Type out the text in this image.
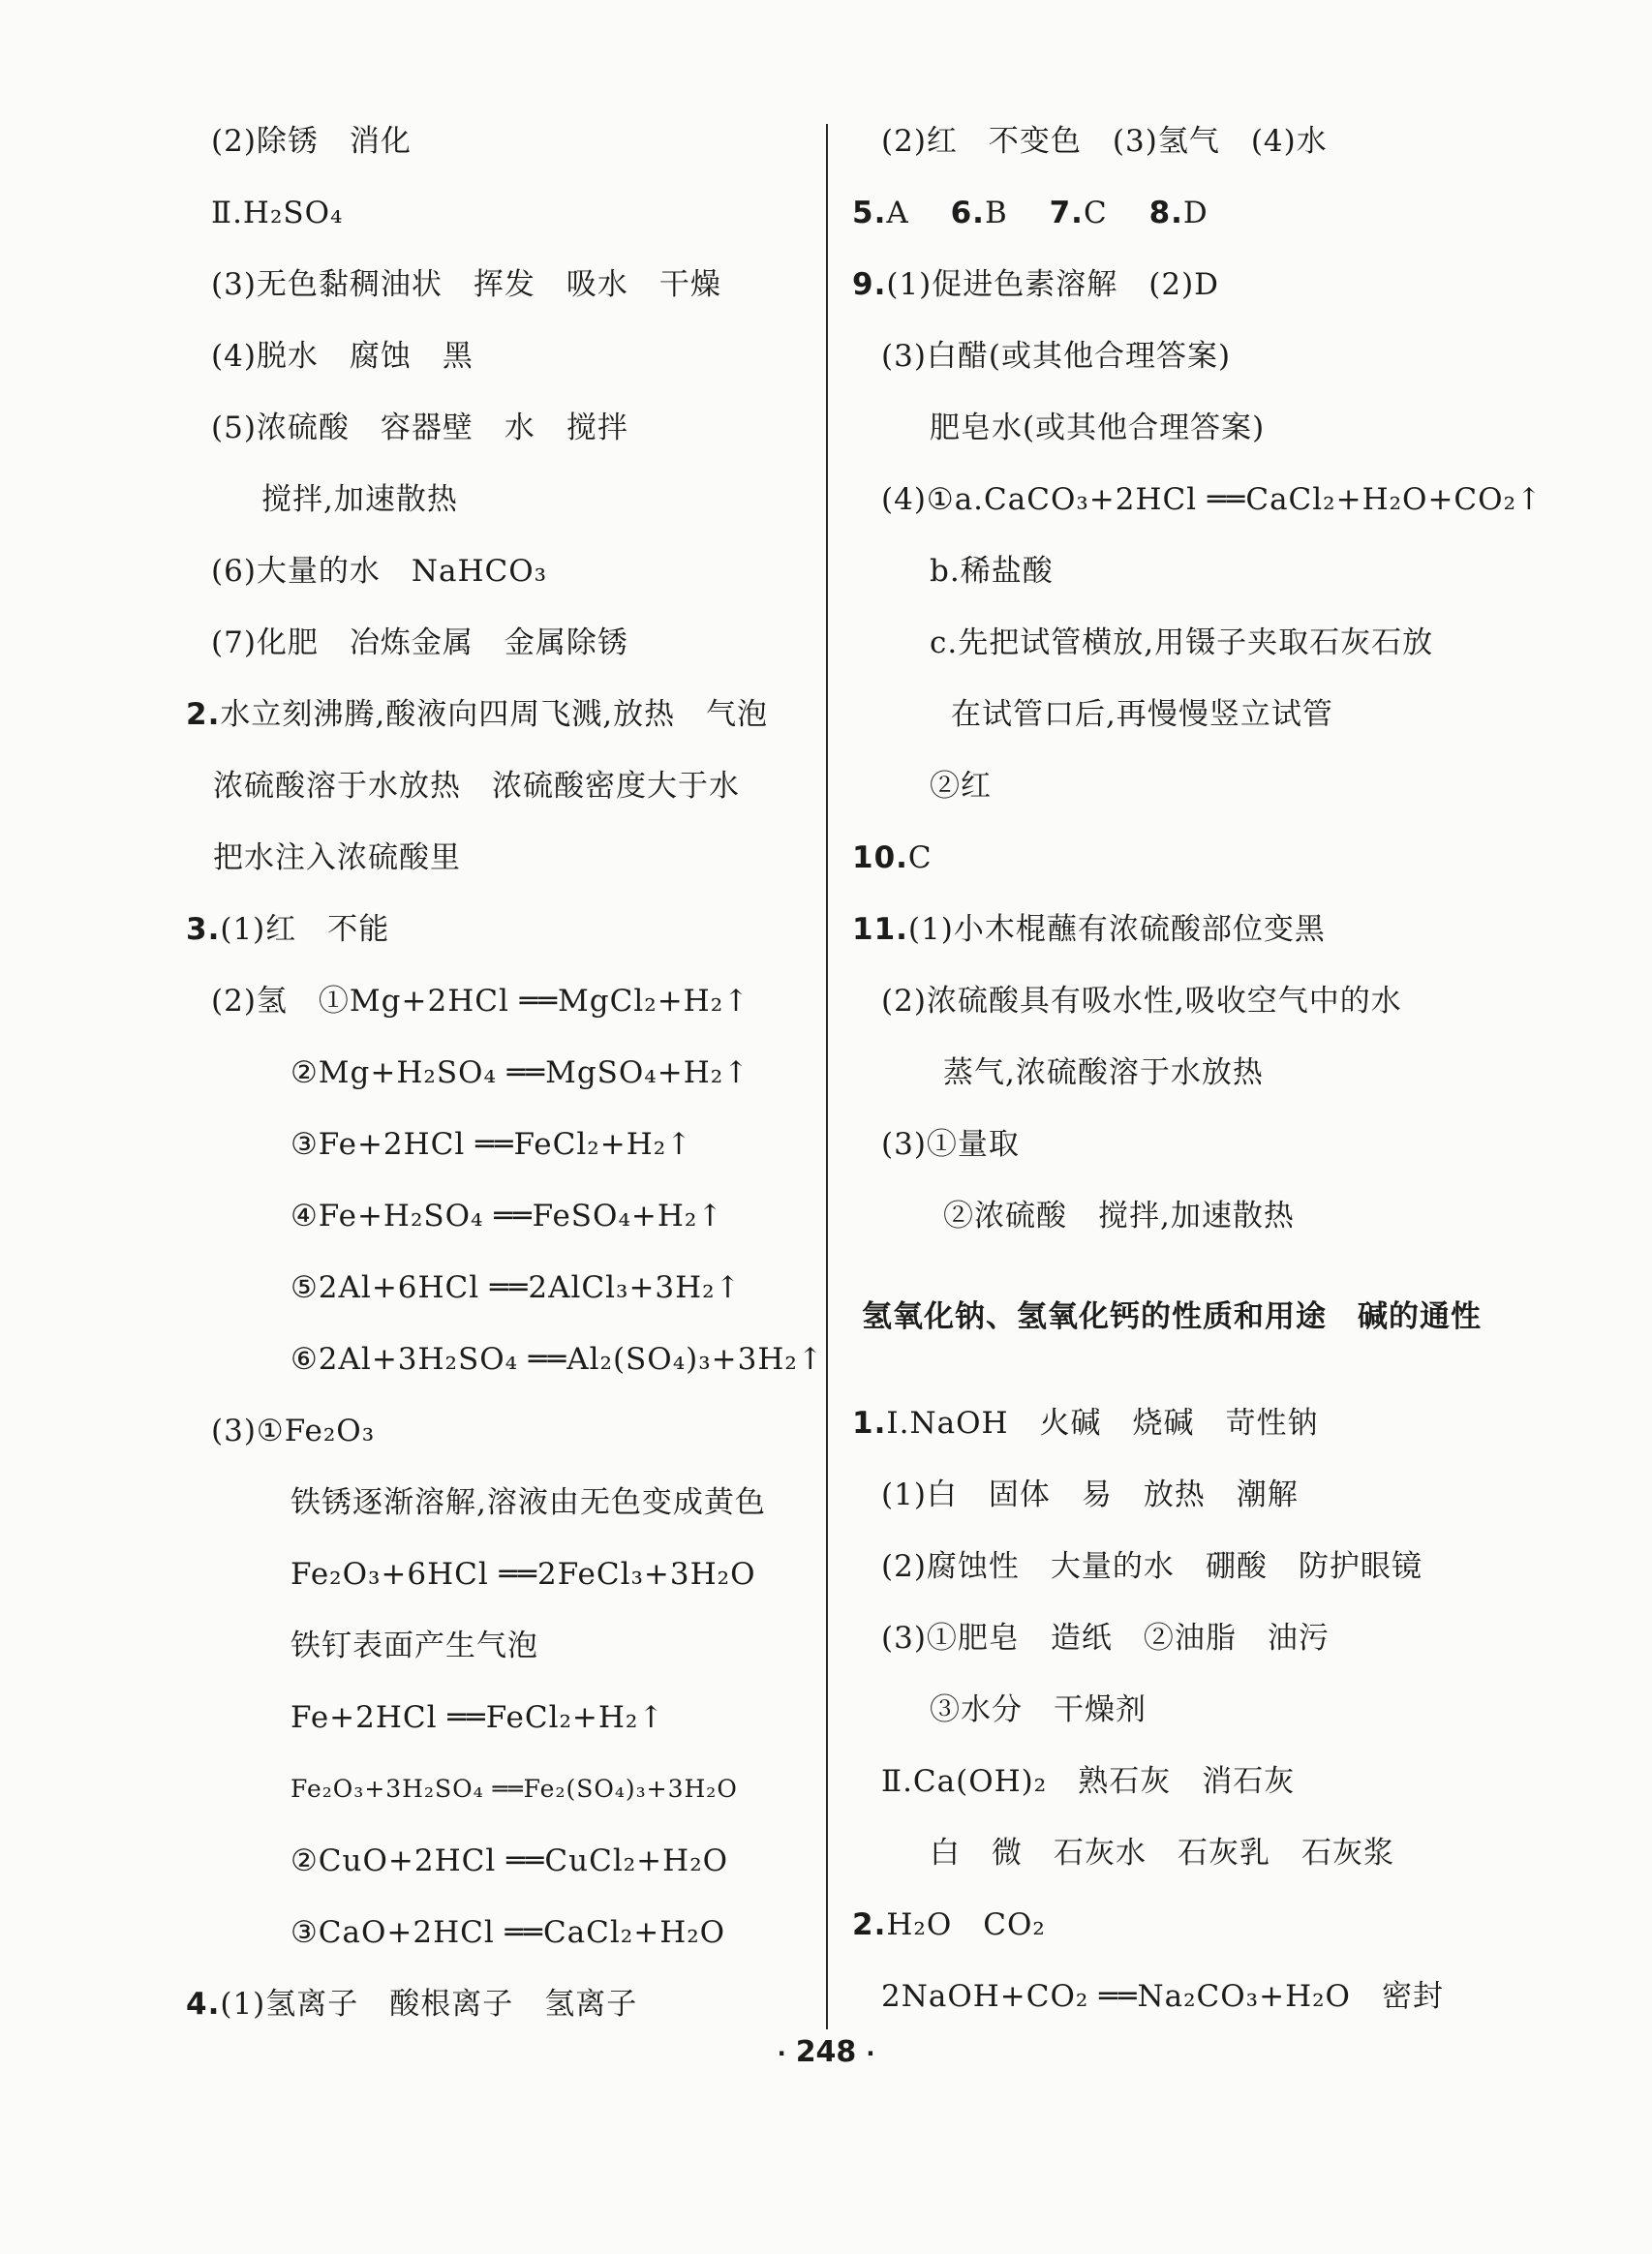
(2)除锈　消化
Ⅱ.H₂SO₄
(3)无色黏稠油状　挥发　吸水　干燥
(4)脱水　腐蚀　黑
(5)浓硫酸　容器壁　水　搅拌
搅拌,加速散热
(6)大量的水　NaHCO₃
(7)化肥　冶炼金属　金属除锈
2.水立刻沸腾,酸液向四周飞溅,放热　气泡
浓硫酸溶于水放热　浓硫酸密度大于水
把水注入浓硫酸里
3.(1)红　不能
(2)氢　①Mg+2HCl ══MgCl₂+H₂↑
②Mg+H₂SO₄ ══MgSO₄+H₂↑
③Fe+2HCl ══FeCl₂+H₂↑
④Fe+H₂SO₄ ══FeSO₄+H₂↑
⑤2Al+6HCl ══2AlCl₃+3H₂↑
⑥2Al+3H₂SO₄ ══Al₂(SO₄)₃+3H₂↑
(3)①Fe₂O₃
铁锈逐渐溶解,溶液由无色变成黄色
Fe₂O₃+6HCl ══2FeCl₃+3H₂O
铁钉表面产生气泡
Fe+2HCl ══FeCl₂+H₂↑
Fe₂O₃+3H₂SO₄ ══Fe₂(SO₄)₃+3H₂O
②CuO+2HCl ══CuCl₂+H₂O
③CaO+2HCl ══CaCl₂+H₂O
4.(1)氢离子　酸根离子　氢离子
(2)红　不变色　(3)氢气　(4)水
5.A　 6.B　 7.C　 8.D
9.(1)促进色素溶解　(2)D
(3)白醋(或其他合理答案)
肥皂水(或其他合理答案)
(4)①a.CaCO₃+2HCl ══CaCl₂+H₂O+CO₂↑
b.稀盐酸
c.先把试管横放,用镊子夹取石灰石放
在试管口后,再慢慢竖立试管
②红
10.C
11.(1)小木棍蘸有浓硫酸部位变黑
(2)浓硫酸具有吸水性,吸收空气中的水
蒸气,浓硫酸溶于水放热
(3)①量取
②浓硫酸　搅拌,加速散热
1.Ⅰ.NaOH　火碱　烧碱　苛性钠
(1)白　固体　易　放热　潮解
(2)腐蚀性　大量的水　硼酸　防护眼镜
(3)①肥皂　造纸　②油脂　油污
③水分　干燥剂
Ⅱ.Ca(OH)₂　熟石灰　消石灰
白　微　石灰水　石灰乳　石灰浆
2.H₂O　CO₂
2NaOH+CO₂ ══Na₂CO₃+H₂O　密封
氢氧化钠、氢氧化钙的性质和用途　碱的通性
· 248 ·
